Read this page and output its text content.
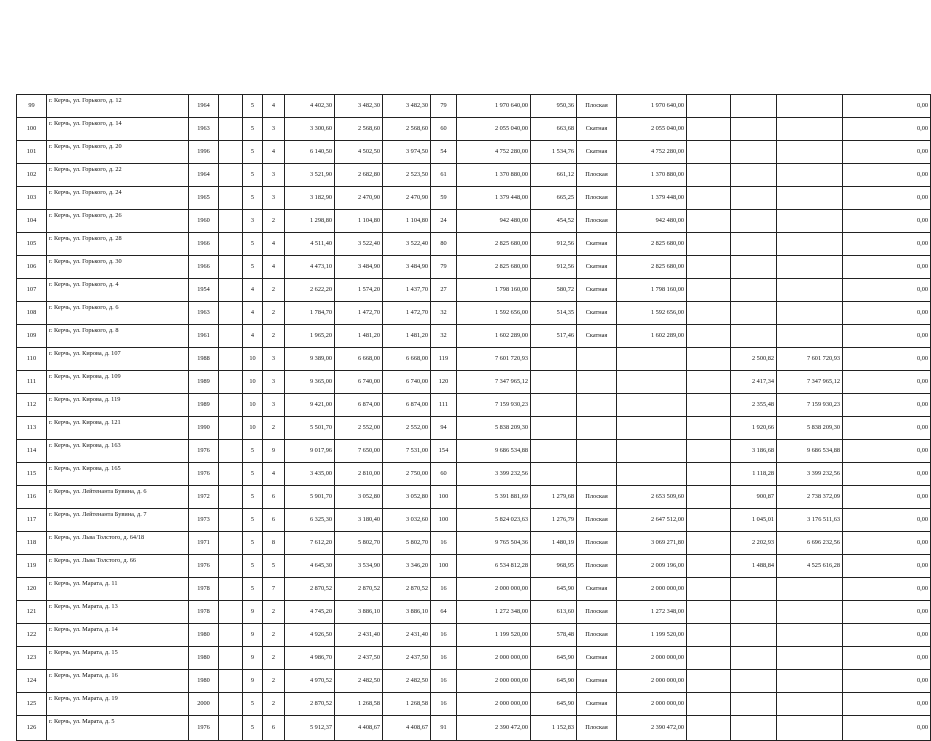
99	г. Керчь, ул. Горького, д. 12	1964		5	4	4 402,30	3 482,30	3 482,30	79	1 970 640,00	950,36	Плоская	1 970 640,00				0,00
100	г. Керчь, ул. Горького, д. 14	1963		5	3	3 300,60	2 568,60	2 568,60	60	2 055 040,00	663,68	Скатная	2 055 040,00				0,00
101	г. Керчь, ул. Горького, д. 20	1996		5	4	6 140,50	4 502,50	3 974,50	54	4 752 280,00	1 534,76	Скатная	4 752 280,00				0,00
102	г. Керчь, ул. Горького, д. 22	1964		5	3	3 521,90	2 682,80	2 523,50	61	1 370 880,00	661,12	Плоская	1 370 880,00				0,00
103	г. Керчь, ул. Горького, д. 24	1965		5	3	3 182,90	2 470,90	2 470,90	59	1 379 448,00	665,25	Плоская	1 379 448,00				0,00
104	г. Керчь, ул. Горького, д. 26	1960		3	2	1 298,80	1 104,80	1 104,80	24	942 480,00	454,52	Плоская	942 480,00				0,00
105	г. Керчь, ул. Горького, д. 28	1966		5	4	4 511,40	3 522,40	3 522,40	80	2 825 680,00	912,56	Скатная	2 825 680,00				0,00
106	г. Керчь, ул. Горького, д. 30	1966		5	4	4 473,10	3 484,90	3 484,90	79	2 825 680,00	912,56	Скатная	2 825 680,00				0,00
107	г. Керчь, ул. Горького, д. 4	1954		4	2	2 622,20	1 574,20	1 437,70	27	1 798 160,00	580,72	Скатная	1 798 160,00				0,00
108	г. Керчь, ул. Горького, д. 6	1963		4	2	1 784,70	1 472,70	1 472,70	32	1 592 656,00	514,35	Скатная	1 592 656,00				0,00
109	г. Керчь, ул. Горького, д. 8	1961		4	2	1 965,20	1 481,20	1 481,20	32	1 602 289,00	517,46	Скатная	1 602 289,00				0,00
110	г. Керчь, ул. Кирова, д. 107	1988		10	3	9 389,00	6 668,00	6 668,00	119	7 601 720,93					2 500,82	7 601 720,93	0,00
111	г. Керчь, ул. Кирова, д. 109	1989		10	3	9 365,00	6 740,00	6 740,00	120	7 347 965,12					2 417,34	7 347 965,12	0,00
112	г. Керчь, ул. Кирова, д. 119	1989		10	3	9 421,00	6 874,00	6 874,00	111	7 159 930,23					2 355,48	7 159 930,23	0,00
113	г. Керчь, ул. Кирова, д. 121	1990		10	2	5 501,70	2 552,00	2 552,00	94	5 838 209,30					1 920,66	5 838 209,30	0,00
114	г. Керчь, ул. Кирова, д. 163	1976		5	9	9 017,96	7 650,00	7 531,00	154	9 686 534,88					3 186,68	9 686 534,88	0,00
115	г. Керчь, ул. Кирова, д. 165	1976		5	4	3 435,00	2 810,00	2 750,00	60	3 399 232,56					1 118,28	3 399 232,56	0,00
116	г. Керчь, ул. Лейтенанта Бувина, д. 6	1972		5	6	5 901,70	3 052,80	3 052,80	100	5 391 881,69	1 279,68	Плоская	2 653 509,60		900,87	2 738 372,09	0,00
117	г. Керчь, ул. Лейтенанта Бувина, д. 7	1973		5	6	6 325,30	3 180,40	3 032,60	100	5 824 023,63	1 276,79	Плоская	2 647 512,00		1 045,01	3 176 511,63	0,00
118	г. Керчь, ул. Льва Толстого, д. 64/18	1971		5	8	7 612,20	5 802,70	5 802,70	16	9 765 504,36	1 480,19	Плоская	3 069 271,80		2 202,93	6 696 232,56	0,00
119	г. Керчь, ул. Льва Толстого, д. 66	1976		5	5	4 645,30	3 534,90	3 346,20	100	6 534 812,28	968,95	Плоская	2 009 196,00		1 488,84	4 525 616,28	0,00
120	г. Керчь, ул. Марата, д. 11	1978		5	7	2 870,52	2 870,52	2 870,52	16	2 000 000,00	645,90	Скатная	2 000 000,00				0,00
121	г. Керчь, ул. Марата, д. 13	1978		9	2	4 745,20	3 886,10	3 886,10	64	1 272 348,00	613,60	Плоская	1 272 348,00				0,00
122	г. Керчь, ул. Марата, д. 14	1980		9	2	4 926,50	2 431,40	2 431,40	16	1 199 520,00	578,48	Плоская	1 199 520,00				0,00
123	г. Керчь, ул. Марата, д. 15	1980		9	2	4 986,70	2 437,50	2 437,50	16	2 000 000,00	645,90	Скатная	2 000 000,00				0,00
124	г. Керчь, ул. Марата, д. 16	1980		9	2	4 970,52	2 482,50	2 482,50	16	2 000 000,00	645,90	Скатная	2 000 000,00				0,00
125	г. Керчь, ул. Марата, д. 19	2000		5	2	2 870,52	1 268,58	1 268,58	16	2 000 000,00	645,90	Скатная	2 000 000,00				0,00
126	г. Керчь, ул. Марата, д. 5	1976		5	6	5 912,37	4 408,67	4 408,67	91	2 390 472,00	1 152,83	Плоская	2 390 472,00				0,00
